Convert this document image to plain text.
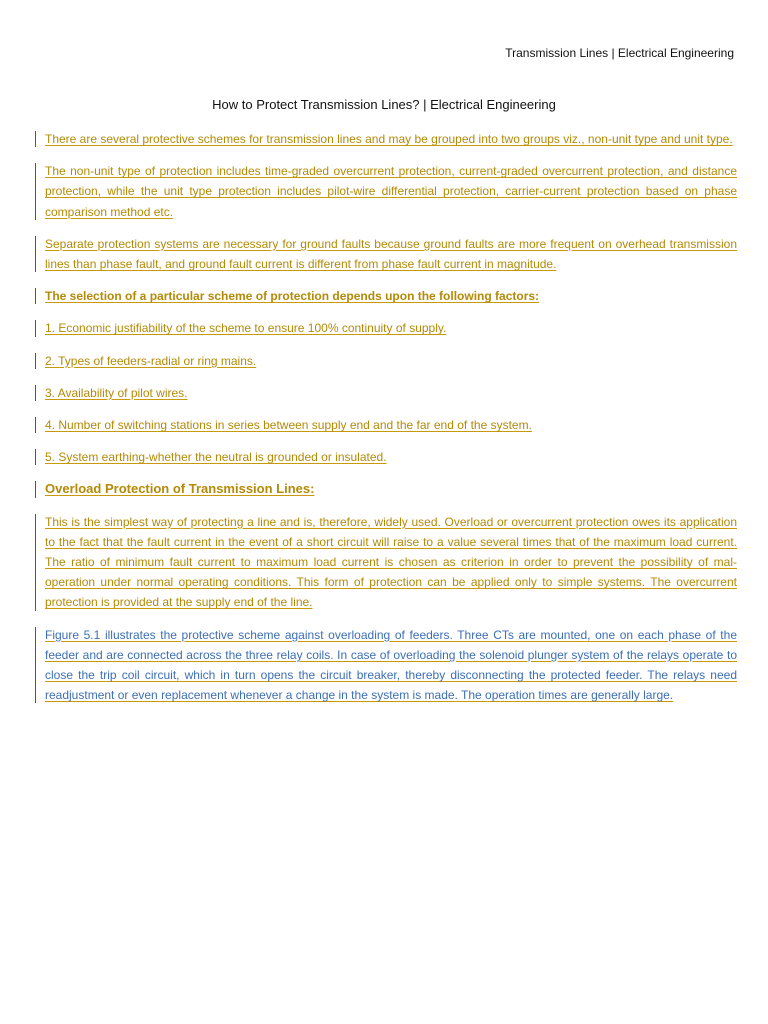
Transmission Lines | Electrical Engineering
How to Protect Transmission Lines? | Electrical Engineering

There are several protective schemes for transmission lines and may be grouped into two groups viz., non-unit type and unit type.

The non-unit type of protection includes time-graded overcurrent protection, current-graded overcurrent protection, and distance protection, while the unit type protection includes pilot-wire differential protection, carrier-current protection based on phase comparison method etc.

Separate protection systems are necessary for ground faults because ground faults are more frequent on overhead transmission lines than phase fault, and ground fault current is different from phase fault current in magnitude.

The selection of a particular scheme of protection depends upon the following factors:

1. Economic justifiability of the scheme to ensure 100% continuity of supply.

2. Types of feeders-radial or ring mains.

3. Availability of pilot wires.

4. Number of switching stations in series between supply end and the far end of the system.

5. System earthing-whether the neutral is grounded or insulated.

Overload Protection of Transmission Lines:

This is the simplest way of protecting a line and is, therefore, widely used. Overload or overcurrent protection owes its application to the fact that the fault current in the event of a short circuit will raise to a value several times that of the maximum load current. The ratio of minimum fault current to maximum load current is chosen as criterion in order to prevent the possibility of mal-operation under normal operating conditions. This form of protection can be applied only to simple systems. The overcurrent protection is provided at the supply end of the line.

Figure 5.1 illustrates the protective scheme against overloading of feeders. Three CTs are mounted, one on each phase of the feeder and are connected across the three relay coils. In case of overloading the solenoid plunger system of the relays operate to close the trip coil circuit, which in turn opens the circuit breaker, thereby disconnecting the protected feeder. The relays need readjustment or even replacement whenever a change in the system is made. The operation times are generally large.
